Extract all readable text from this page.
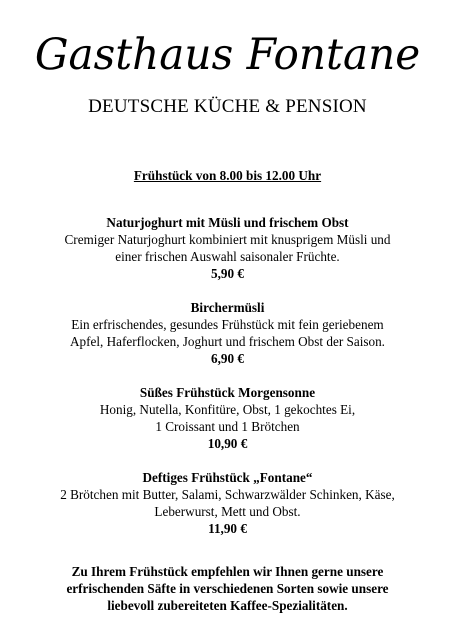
Gasthaus Fontane
DEUTSCHE KÜCHE & PENSION
Frühstück von 8.00 bis 12.00 Uhr
Naturjoghurt mit Müsli und frischem Obst
Cremiger Naturjoghurt kombiniert mit knusprigem Müsli und
einer frischen Auswahl saisonaler Früchte.
5,90 €
Birchermüsli
Ein erfrischendes, gesundes Frühstück mit fein geriebenem
Apfel, Haferflocken, Joghurt und frischem Obst der Saison.
6,90 €
Süßes Frühstück Morgensonne
Honig, Nutella, Konfitüre, Obst, 1 gekochtes Ei,
1 Croissant und 1 Brötchen
10,90 €
Deftiges Frühstück „Fontane“
2 Brötchen mit Butter, Salami, Schwarzwälder Schinken, Käse,
Leberwurst, Mett und Obst.
11,90 €
Zu Ihrem Frühstück empfehlen wir Ihnen gerne unsere
erfrischenden Säfte in verschiedenen Sorten sowie unsere
liebevoll zubereiteten Kaffee-Spezialitäten.
